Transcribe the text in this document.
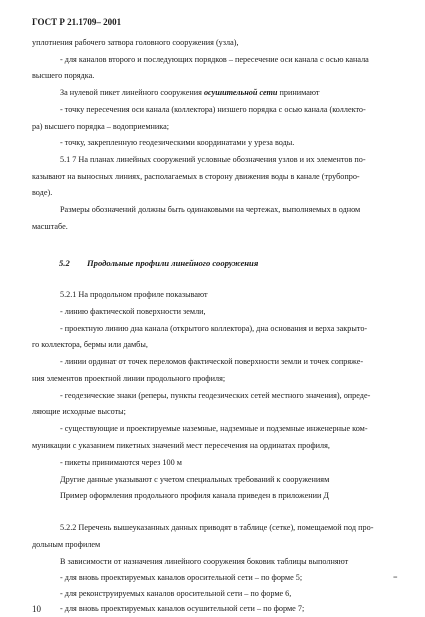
ГОСТ Р 21.1709– 2001
уплотнения рабочего затвора головного сооружения (узла),
- для каналов второго и последующих порядков – пересечение оси канала с осью канала
высшего порядка.
За нулевой пикет линейного сооружения осушительной сети принимают
- точку пересечения оси канала (коллектора) низшего порядка с осью канала (коллекто-
ра) высшего порядка – водоприемника;
- точку, закрепленную геодезическими координатами у уреза воды.
5.1 7 На планах линейных сооружений условные обозначения узлов и их элементов по-
казывают на выносных линиях, располагаемых в сторону движения воды в канале (трубопро-
воде).
Размеры обозначений должны быть одинаковыми на чертежах, выполняемых в одном
масштабе.
5.2 Продольные профили линейного сооружения
5.2.1 На продольном профиле показывают
- линию фактической поверхности земли,
- проектную линию дна канала (открытого коллектора), дна основания и верха закрыто-
го коллектора, бермы или дамбы,
- линии ординат от точек переломов фактической поверхности земли и точек сопряже-
ния элементов проектной линии продольного профиля;
- геодезические знаки (реперы, пункты геодезических сетей местного значения), опреде-
ляющие исходные высоты;
- существующие и проектируемые наземные, надземные и подземные инженерные ком-
муникации с указанием пикетных значений мест пересечения на ординатах профиля,
- пикеты принимаются через 100 м
Другие данные указывают с учетом специальных требований к сооружениям
Пример оформления продольного профиля канала приведен в приложении Д
5.2.2 Перечень вышеуказанных данных приводят в таблице (сетке), помещаемой под про-
дольным профилем
В зависимости от назначения линейного сооружения боковик таблицы выполняют
- для вновь проектируемых каналов оросительной сети – по форме 5;	=
- для реконструируемых каналов оросительной сети – по форме 6,
- для вновь проектируемых каналов осушительной сети – по форме 7;
10
